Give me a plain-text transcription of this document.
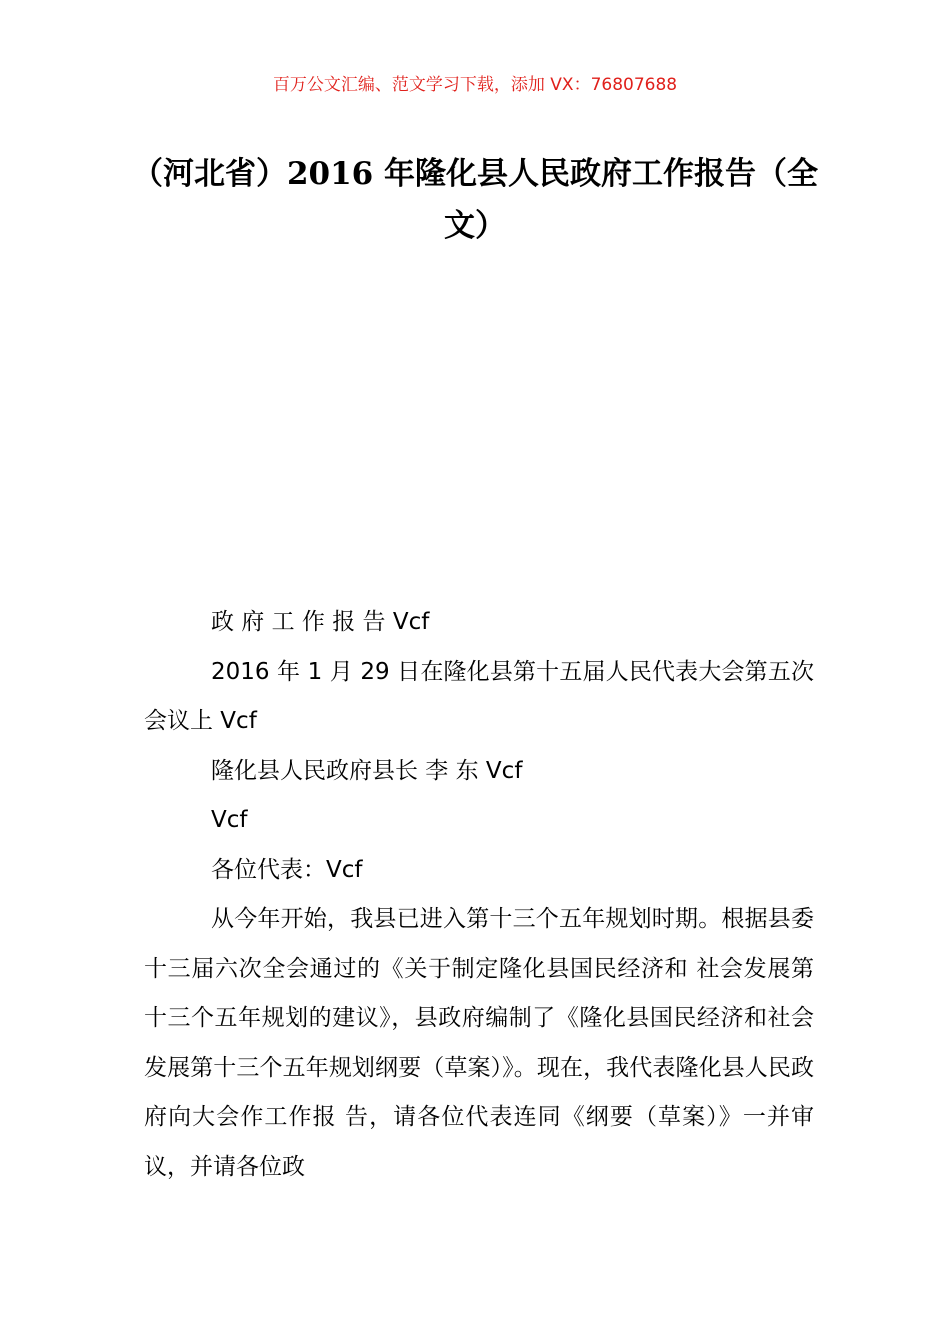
百万公文汇编、范文学习下载，添加 VX：76807688
（河北省）2016 年隆化县人民政府工作报告（全文）

政 府 工 作 报 告 Vcf

2016 年 1 月 29 日在隆化县第十五届人民代表大会第五次会议上 Vcf

隆化县人民政府县长 李 东 Vcf

Vcf

各位代表：Vcf

从今年开始，我县已进入第十三个五年规划时期。根据县委十三届六次全会通过的《关于制定隆化县国民经济和 社会发展第十三个五年规划的建议》，县政府编制了《隆化县国民经济和社会发展第十三个五年规划纲要（草案）》。现在，我代表隆化县人民政府向大会作工作报 告，请各位代表连同《纲要（草案）》一并审议，并请各位政
